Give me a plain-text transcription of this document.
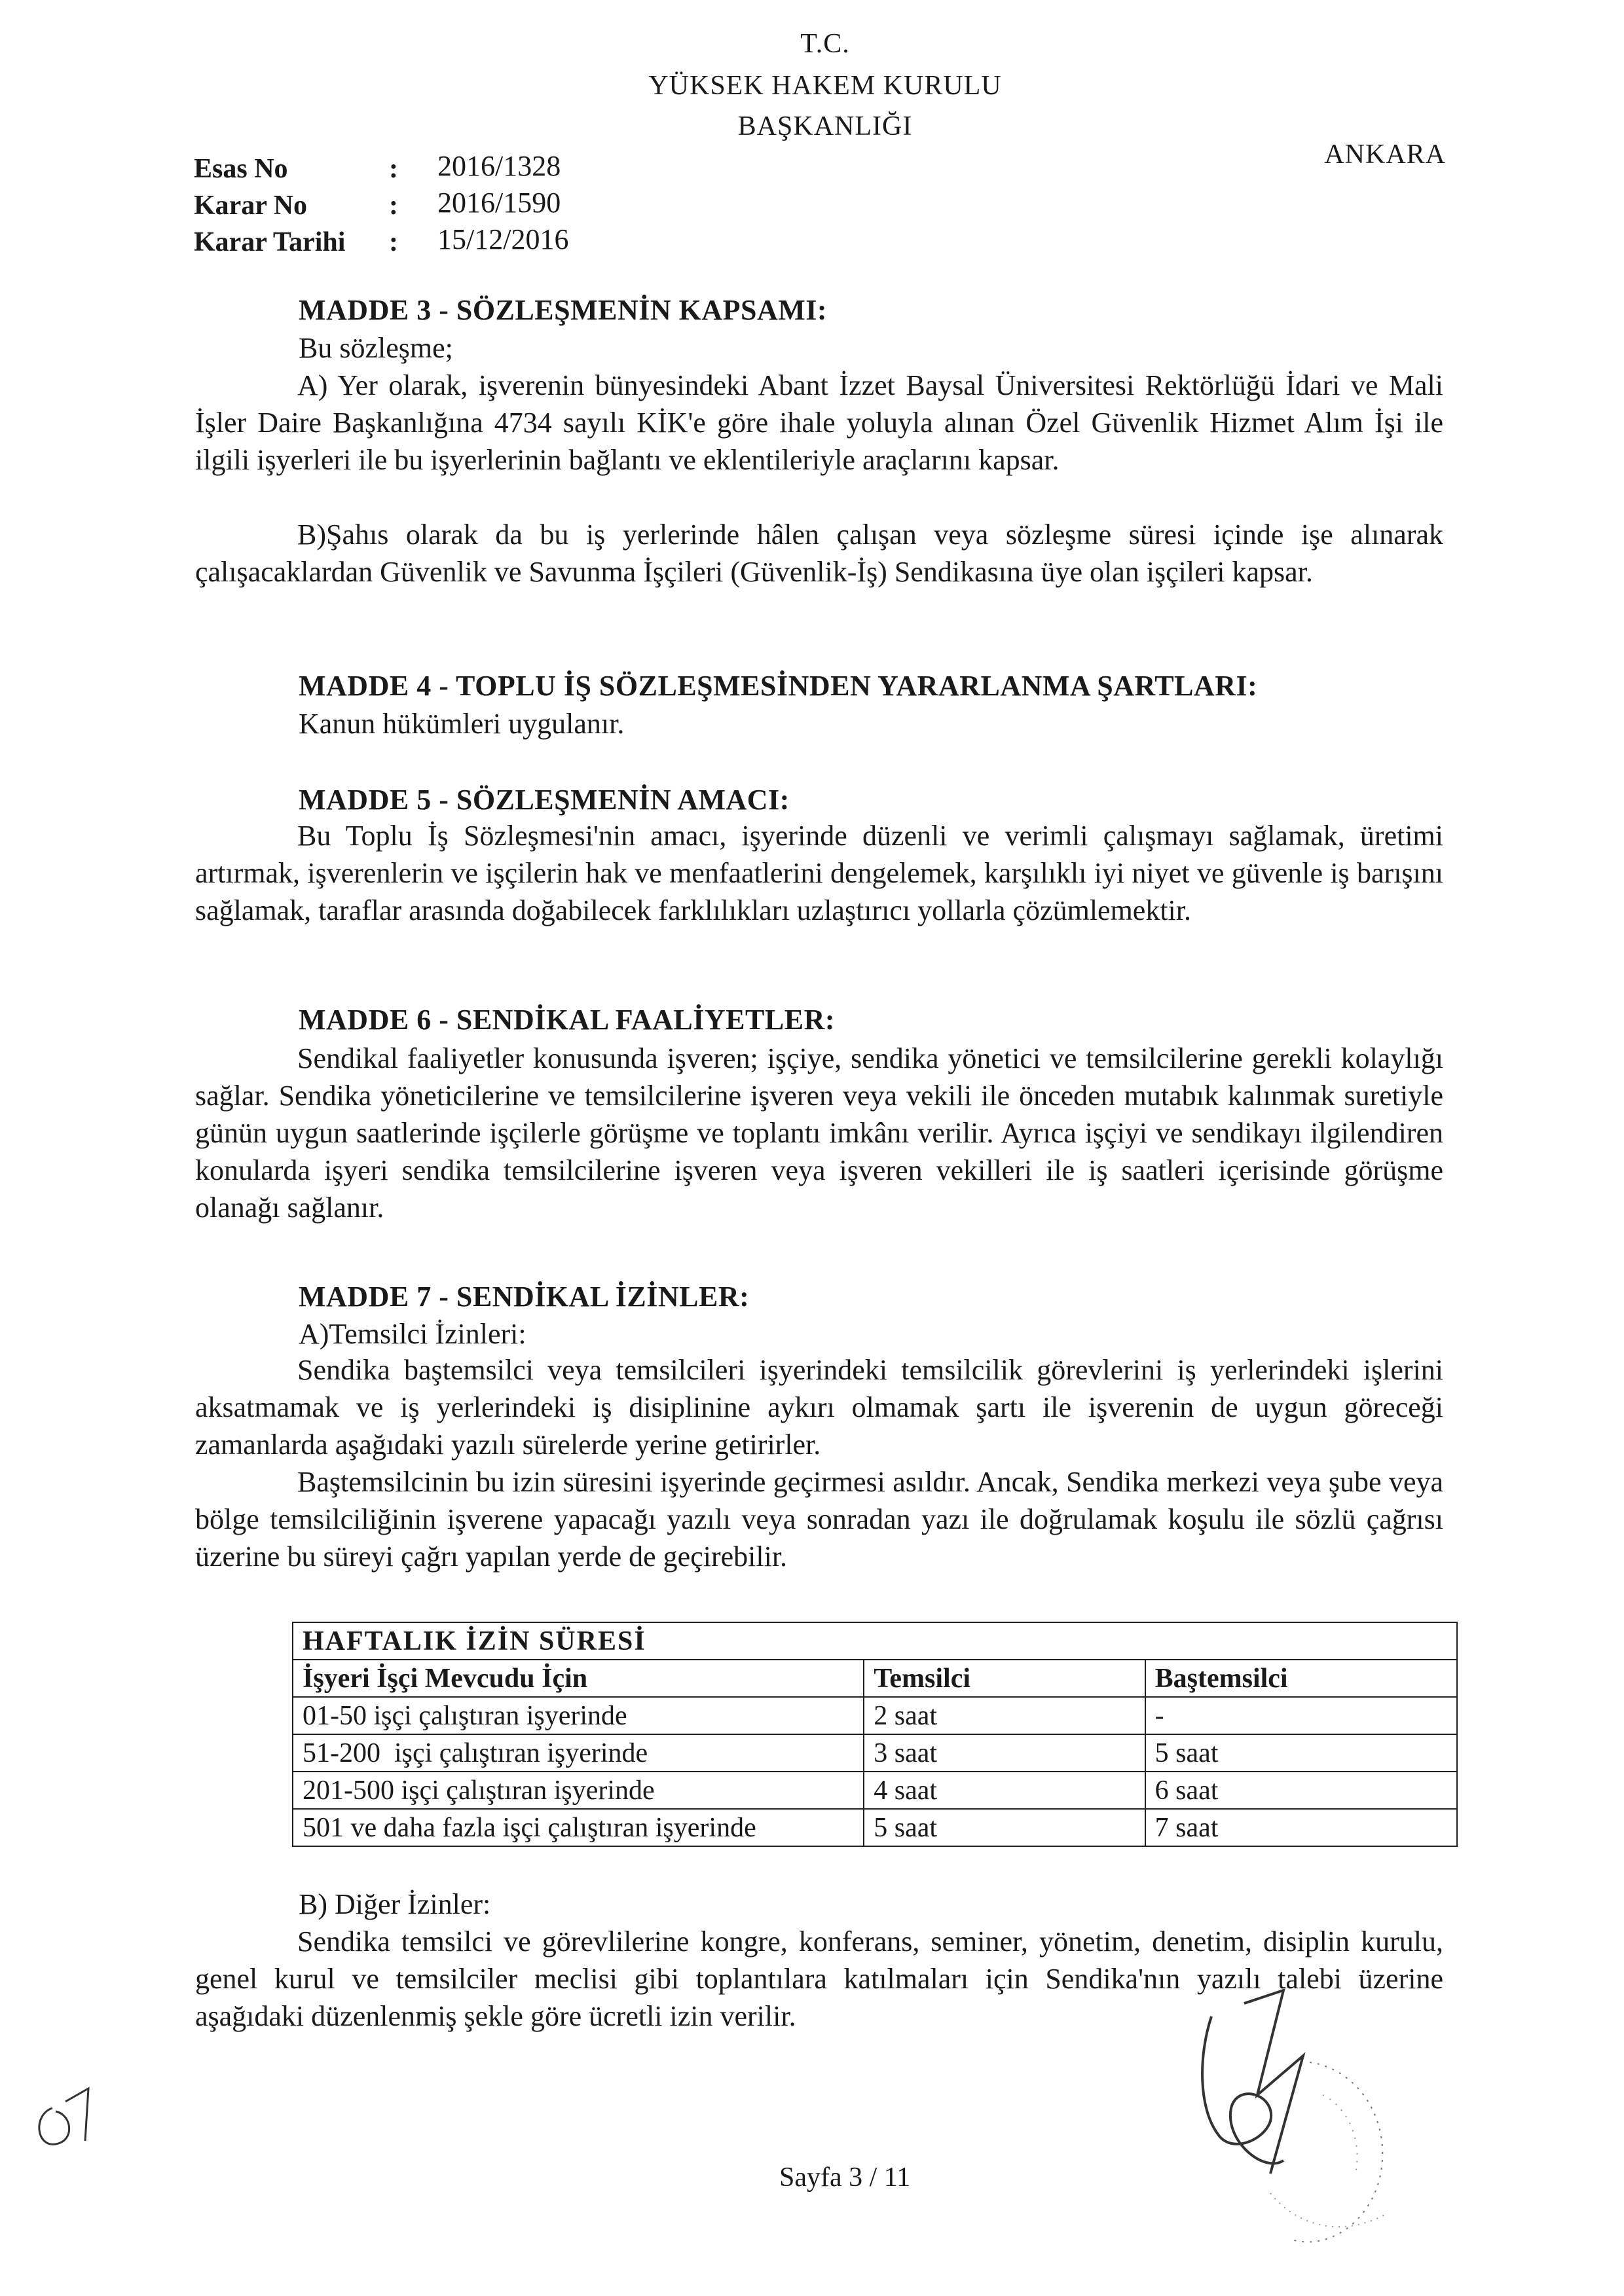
T.C.
YÜKSEK HAKEM KURULU
BAŞKANLIĞI
ANKARA
Esas No	: 2016/1328
Karar No	: 2016/1590
Karar Tarihi : 15/12/2016
MADDE 3 - SÖZLEŞMENİN KAPSAMI:
Bu sözleşme;

A) Yer olarak, işverenin bünyesindeki Abant İzzet Baysal Üniversitesi Rektörlüğü İdari ve Mali İşler Daire Başkanlığına 4734 sayılı KİK'e göre ihale yoluyla alınan Özel Güvenlik Hizmet Alım İşi ile ilgili işyerleri ile bu işyerlerinin bağlantı ve eklentileriyle araçlarını kapsar.

B)Şahıs olarak da bu iş yerlerinde hâlen çalışan veya sözleşme süresi içinde işe alınarak çalışacaklardan Güvenlik ve Savunma İşçileri (Güvenlik-İş) Sendikasına üye olan işçileri kapsar.

MADDE 4 - TOPLU İŞ SÖZLEŞMESİNDEN YARARLANMA ŞARTLARI:
Kanun hükümleri uygulanır.
MADDE 5 - SÖZLEŞMENİN AMACI:

Bu Toplu İş Sözleşmesi'nin amacı, işyerinde düzenli ve verimli çalışmayı sağlamak, üretimi artırmak, işverenlerin ve işçilerin hak ve menfaatlerini dengelemek, karşılıklı iyi niyet ve güvenle iş barışını sağlamak, taraflar arasında doğabilecek farklılıkları uzlaştırıcı yollarla çözümlemektir.

MADDE 6 - SENDİKAL FAALİYETLER:

Sendikal faaliyetler konusunda işveren; işçiye, sendika yönetici ve temsilcilerine gerekli kolaylığı sağlar. Sendika yöneticilerine ve temsilcilerine işveren veya vekili ile önceden mutabık kalınmak suretiyle günün uygun saatlerinde işçilerle görüşme ve toplantı imkânı verilir. Ayrıca işçiyi ve sendikayı ilgilendiren konularda işyeri sendika temsilcilerine işveren veya işveren vekilleri ile iş saatleri içerisinde görüşme olanağı sağlanır.

MADDE 7 - SENDİKAL İZİNLER:
A)Temsilci İzinleri:

Sendika baştemsilci veya temsilcileri işyerindeki temsilcilik görevlerini iş yerlerindeki işlerini aksatmamak ve iş yerlerindeki iş disiplinine aykırı olmamak şartı ile işverenin de uygun göreceği zamanlarda aşağıdaki yazılı sürelerde yerine getirirler.

Baştemsilcinin bu izin süresini işyerinde geçirmesi asıldır. Ancak, Sendika merkezi veya şube veya bölge temsilciliğinin işverene yapacağı yazılı veya sonradan yazı ile doğrulamak koşulu ile sözlü çağrısı üzerine bu süreyi çağrı yapılan yerde de geçirebilir.

HAFTALIK İZİN SÜRESİ		
İşyeri İşçi Mevcudu İçin	Temsilci	Baştemsilci
01-50 işçi çalıştıran işyerinde	2 saat	-
51-200  işçi çalıştıran işyerinde	3 saat	5 saat
201-500 işçi çalıştıran işyerinde	4 saat	6 saat
501 ve daha fazla işçi çalıştıran işyerinde	5 saat	7 saat
B) Diğer İzinler:

Sendika temsilci ve görevlilerine kongre, konferans, seminer, yönetim, denetim, disiplin kurulu, genel kurul ve temsilciler meclisi gibi toplantılara katılmaları için Sendika'nın yazılı talebi üzerine aşağıdaki düzenlenmiş şekle göre ücretli izin verilir.

Sayfa 3 / 11
